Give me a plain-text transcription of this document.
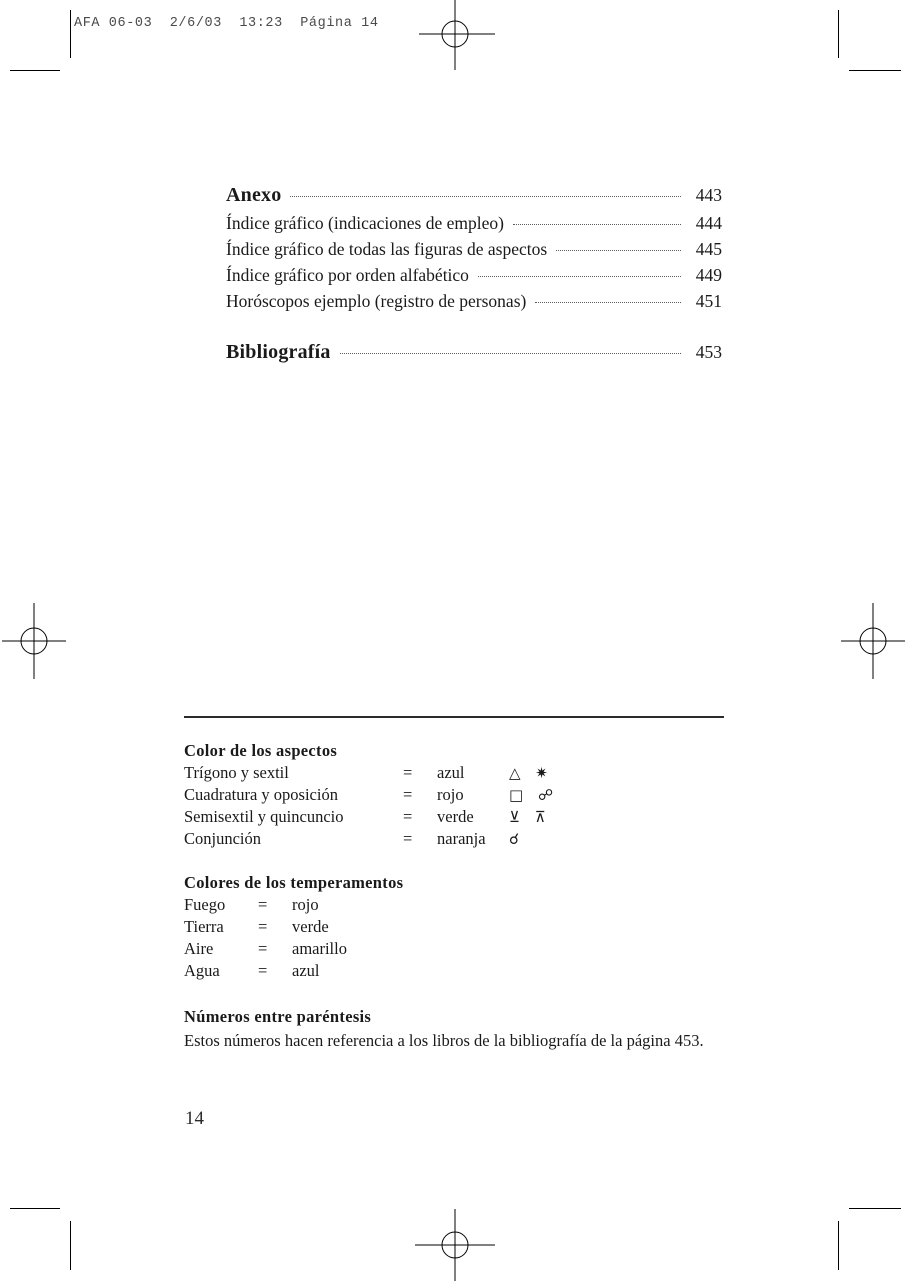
AFA 06-03  2/6/03  13:23  Página 14
Anexo	443
Índice gráfico (indicaciones de empleo)	444
Índice gráfico de todas las figuras de aspectos	445
Índice gráfico por orden alfabético	449
Horóscopos ejemplo (registro de personas)	451
Bibliografía	453
Color de los aspectos
Trígono y sextil	=	azul	△ ✷
Cuadratura y oposición	=	rojo	□ ☍
Semisextil y quincuncio	=	verde	⊻ ⊼
Conjunción	=	naranja	☌
Colores de los temperamentos
Fuego	=	rojo
Tierra	=	verde
Aire	=	amarillo
Agua	=	azul
Números entre paréntesis

Estos números hacen referencia a los libros de la bibliografía de la página 453.

14
